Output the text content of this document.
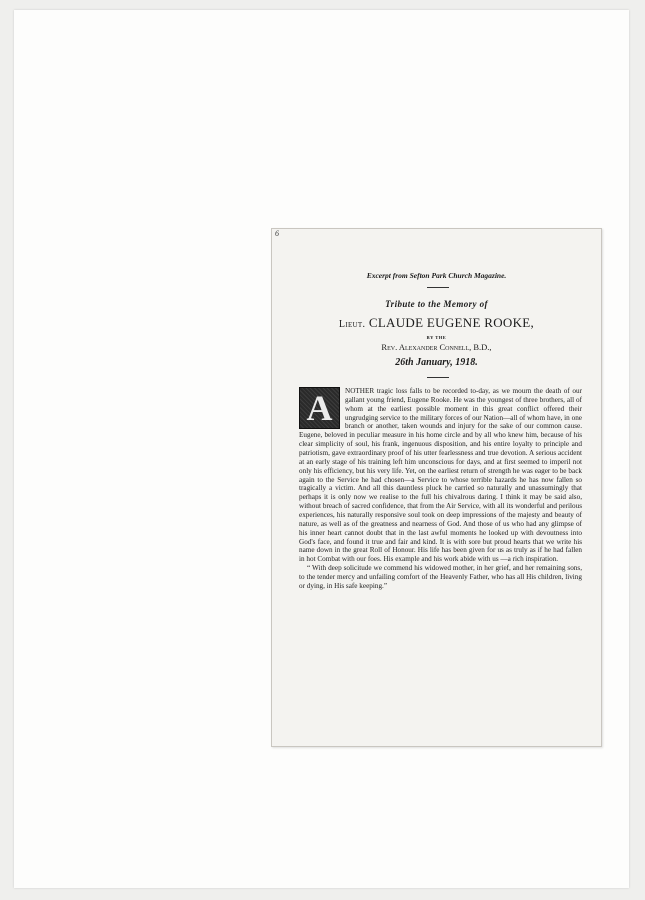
6
Excerpt from Sefton Park Church Magazine.
Tribute to the Memory of
Lieut. CLAUDE EUGENE ROOKE,
BY THE
Rev. Alexander Connell, B.D.,
26th January, 1918.

A	NOTHER tragic loss falls to be recorded to-day, as we mourn the death of our gallant young friend, Eugene Rooke. He was the youngest of three brothers, all of whom at the earliest possible moment in this great conflict offered their ungrudging service to the military forces of our Nation—all of whom have, in one branch or another, taken wounds and injury for the sake of our common cause. Eugene, beloved in peculiar measure in his home circle and by all who knew him, because of his clear simplicity of soul, his frank, ingenuous disposition, and his entire loyalty to principle and patriotism, gave extraordinary proof of his utter fearlessness and true devotion. A serious accident at an early stage of his training left him unconscious for days, and at first seemed to imperil not only his efficiency, but his very life. Yet, on the earliest return of strength he was eager to be back again to the Service he had chosen—a Service to whose terrible hazards he has now fallen so tragically a victim. And all this dauntless pluck he carried so naturally and unassumingly that perhaps it is only now we realise to the full his chivalrous daring. I think it may be said also, without breach of sacred confidence, that from the Air Service, with all its wonderful and perilous experiences, his naturally responsive soul took on deep impressions of the majesty and beauty of nature, as well as of the greatness and nearness of God. And those of us who had any glimpse of his inner heart cannot doubt that in the last awful moments he looked up with devoutness into God's face, and found it true and fair and kind. It is with sore but proud hearts that we write his name down in the great Roll of Honour. His life has been given for us as truly as if he had fallen in hot Combat with our foes. His example and his work abide with us —a rich inspiration.

“ With deep solicitude we commend his widowed mother, in her grief, and her remaining sons, to the tender mercy and unfailing comfort of the Heavenly Father, who has all His children, living or dying, in His safe keeping.”
